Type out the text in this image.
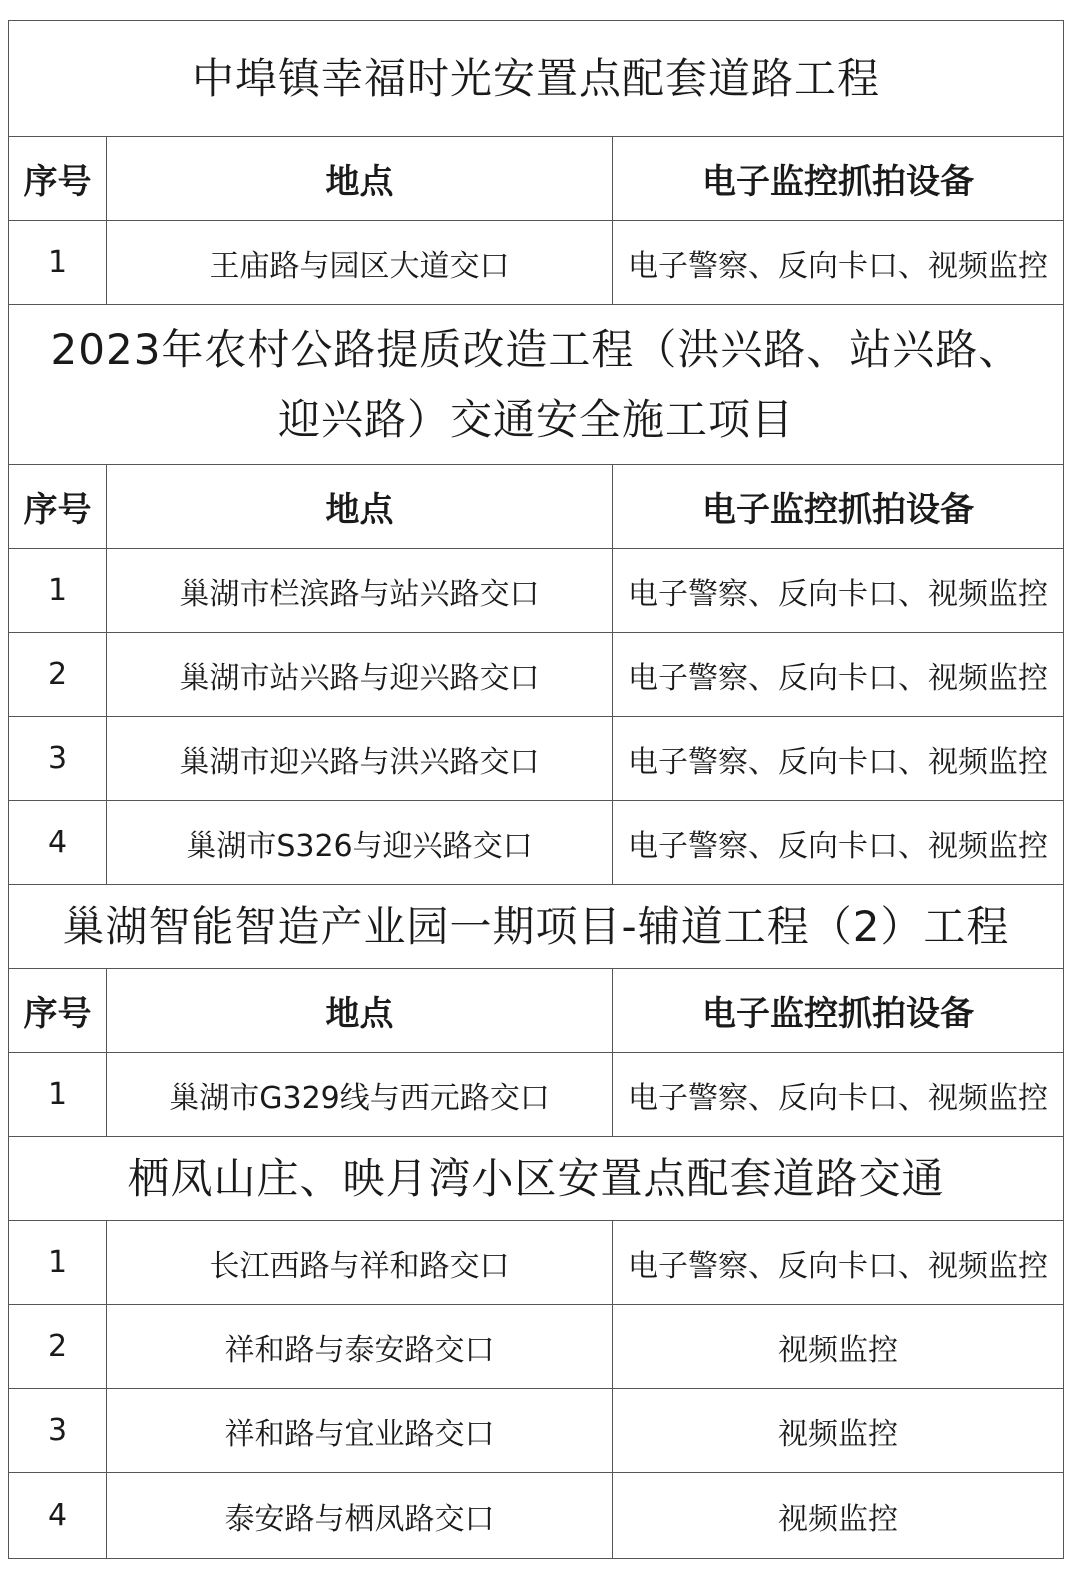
中埠镇幸福时光安置点配套道路工程
序号	地点	电子监控抓拍设备
1	王庙路与园区大道交口	电子警察、反向卡口、视频监控
2023年农村公路提质改造工程（洪兴路、站兴路、
迎兴路）交通安全施工项目
序号	地点	电子监控抓拍设备
1	巢湖市栏滨路与站兴路交口	电子警察、反向卡口、视频监控
2	巢湖市站兴路与迎兴路交口	电子警察、反向卡口、视频监控
3	巢湖市迎兴路与洪兴路交口	电子警察、反向卡口、视频监控
4	巢湖市S326与迎兴路交口	电子警察、反向卡口、视频监控
巢湖智能智造产业园一期项目-辅道工程（2）工程
序号	地点	电子监控抓拍设备
1	巢湖市G329线与西元路交口	电子警察、反向卡口、视频监控
栖凤山庄、映月湾小区安置点配套道路交通
1	长江西路与祥和路交口	电子警察、反向卡口、视频监控
2	祥和路与泰安路交口	视频监控
3	祥和路与宜业路交口	视频监控
4	泰安路与栖凤路交口	视频监控
